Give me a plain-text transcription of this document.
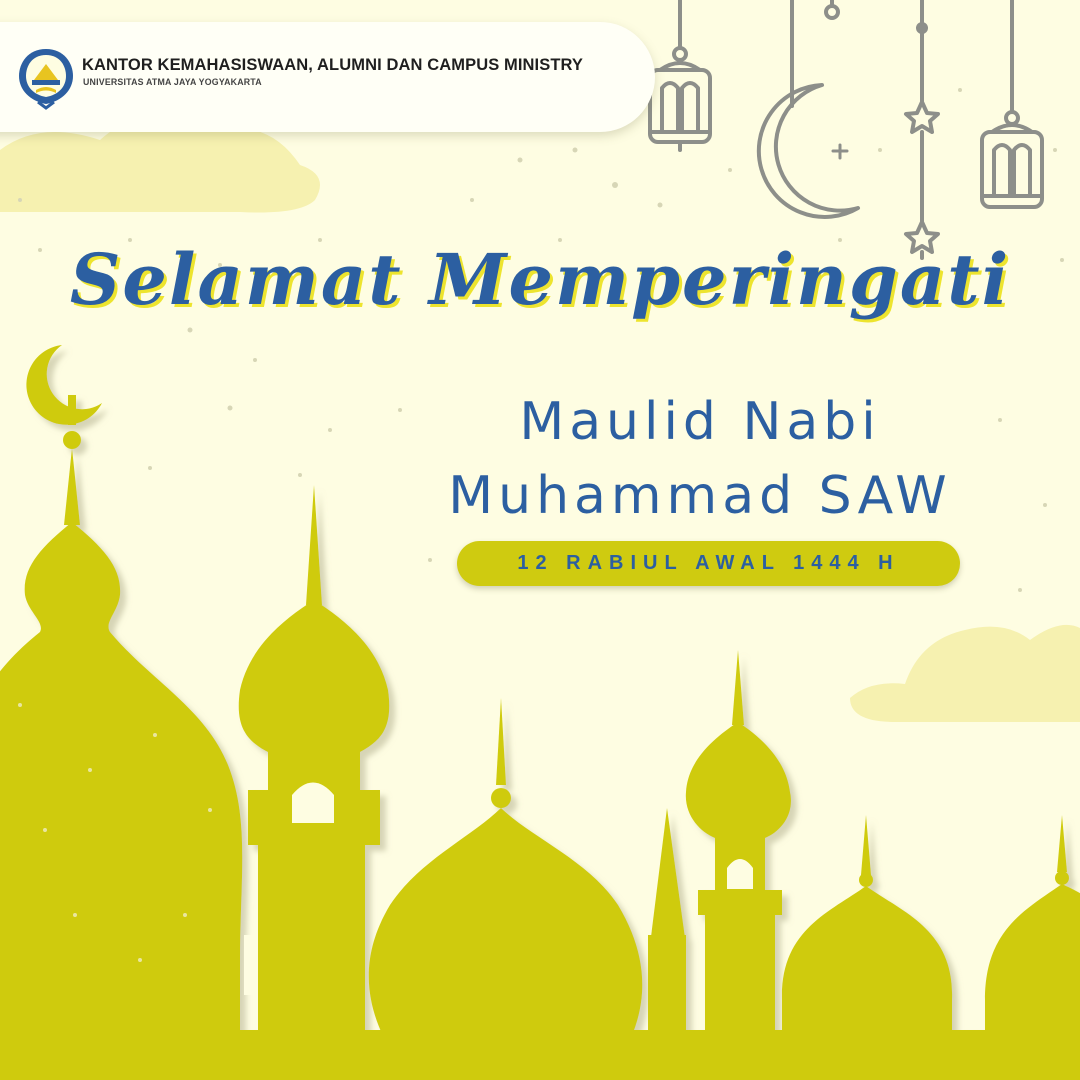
KANTOR KEMAHASISWAAN, ALUMNI DAN CAMPUS MINISTRY

UNIVERSITAS ATMA JAYA YOGYAKARTA

Selamat Memperingati

Maulid Nabi

Muhammad SAW

12 RABIUL AWAL 1444 H
